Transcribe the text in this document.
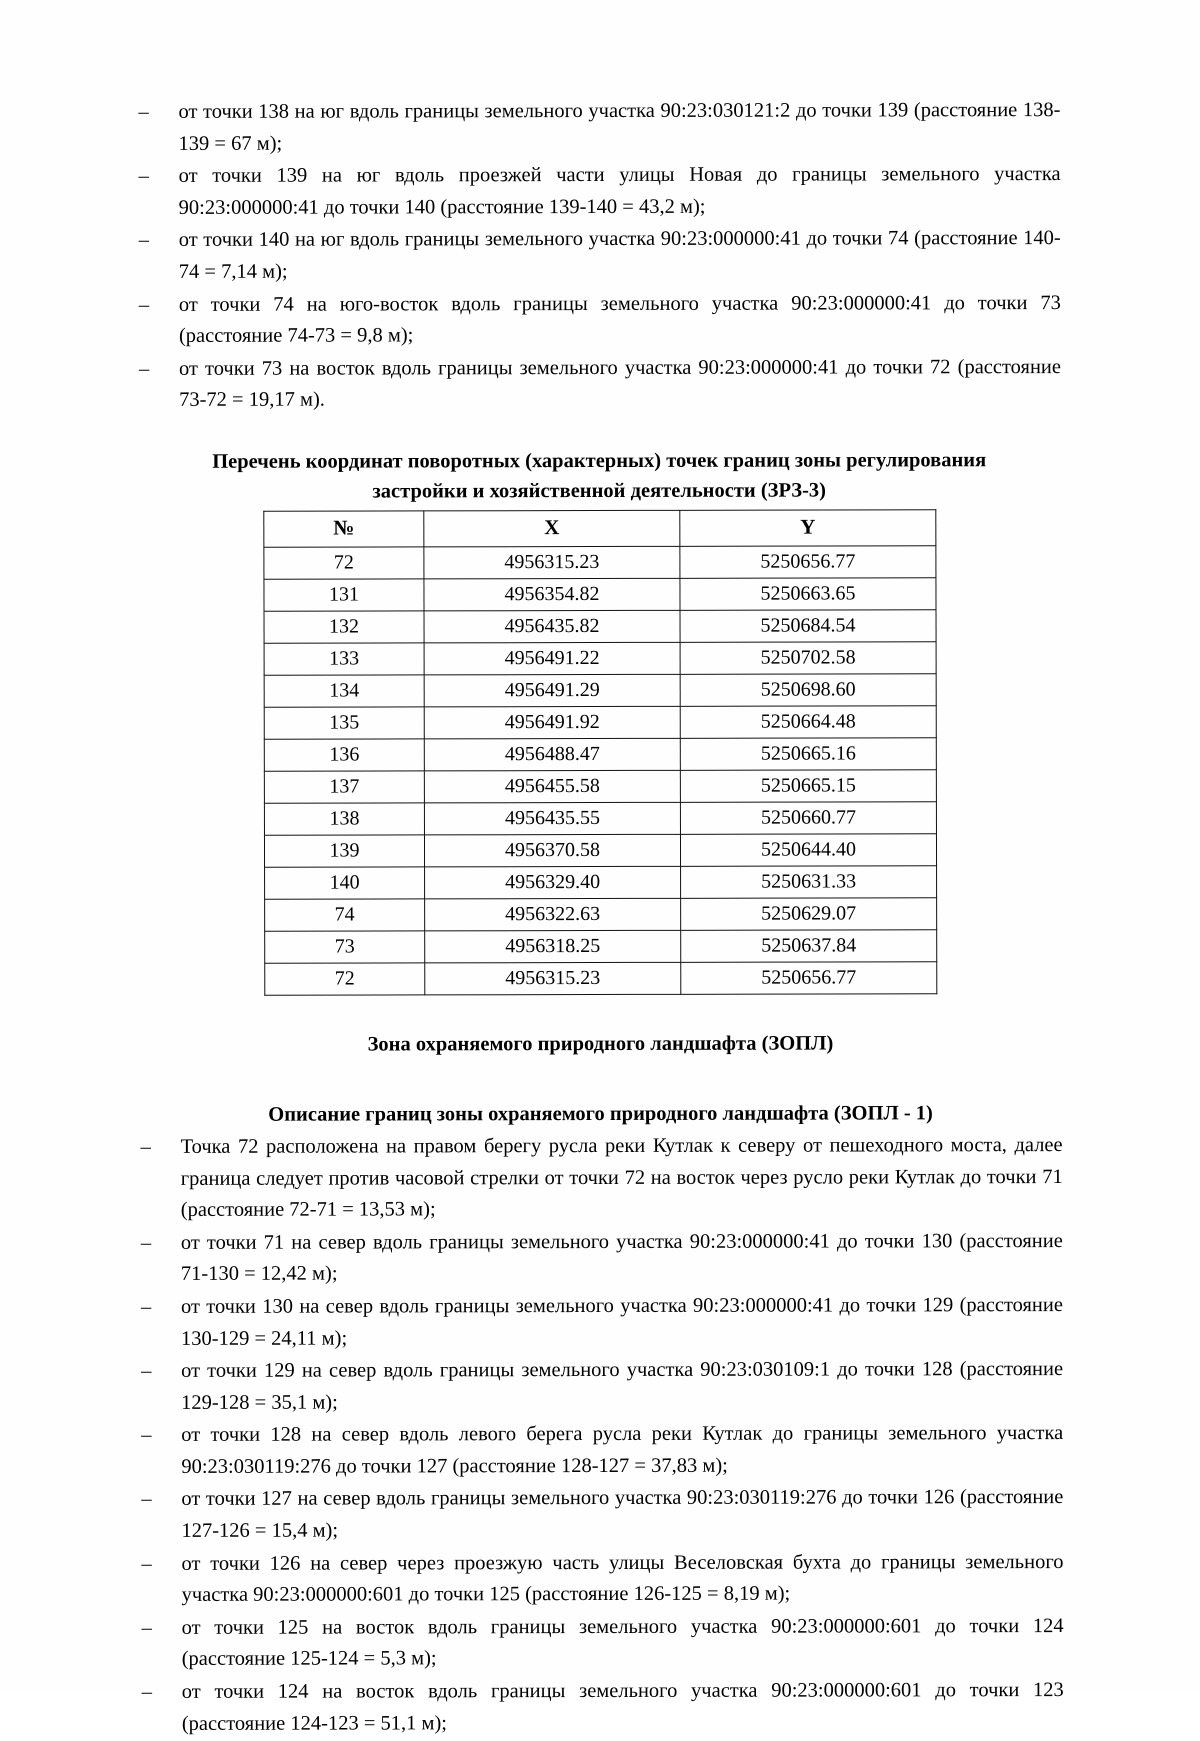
– от точки 138 на юг вдоль границы земельного участка 90:23:030121:2 до точки 139 (расстояние 138-139 = 67 м);
– от точки 139 на юг вдоль проезжей части улицы Новая до границы земельного участка 90:23:000000:41 до точки 140 (расстояние 139-140 = 43,2 м);
– от точки 140 на юг вдоль границы земельного участка 90:23:000000:41 до точки 74 (расстояние 140-74 = 7,14 м);
– от точки 74 на юго-восток вдоль границы земельного участка 90:23:000000:41 до точки 73 (расстояние 74-73 = 9,8 м);
– от точки 73 на восток вдоль границы земельного участка 90:23:000000:41 до точки 72 (расстояние 73-72 = 19,17 м).
Перечень координат поворотных (характерных) точек границ зоны регулирования
застройки и хозяйственной деятельности (ЗРЗ-3)
№	X	Y
72	4956315.23	5250656.77
131	4956354.82	5250663.65
132	4956435.82	5250684.54
133	4956491.22	5250702.58
134	4956491.29	5250698.60
135	4956491.92	5250664.48
136	4956488.47	5250665.16
137	4956455.58	5250665.15
138	4956435.55	5250660.77
139	4956370.58	5250644.40
140	4956329.40	5250631.33
74	4956322.63	5250629.07
73	4956318.25	5250637.84
72	4956315.23	5250656.77
Зона охраняемого природного ландшафта (ЗОПЛ)
Описание границ зоны охраняемого природного ландшафта (ЗОПЛ - 1)
– Точка 72 расположена на правом берегу русла реки Кутлак к северу от пешеходного моста, далее граница следует против часовой стрелки от точки 72 на восток через русло реки Кутлак до точки 71 (расстояние 72-71 = 13,53 м);
– от точки 71 на север вдоль границы земельного участка 90:23:000000:41 до точки 130 (расстояние 71-130 = 12,42 м);
– от точки 130 на север вдоль границы земельного участка 90:23:000000:41 до точки 129 (расстояние 130-129 = 24,11 м);
– от точки 129 на север вдоль границы земельного участка 90:23:030109:1 до точки 128 (расстояние 129-128 = 35,1 м);
– от точки 128 на север вдоль левого берега русла реки Кутлак до границы земельного участка 90:23:030119:276 до точки 127 (расстояние 128-127 = 37,83 м);
– от точки 127 на север вдоль границы земельного участка 90:23:030119:276 до точки 126 (расстояние 127-126 = 15,4 м);
– от точки 126 на север через проезжую часть улицы Веселовская бухта до границы земельного участка 90:23:000000:601 до точки 125 (расстояние 126-125 = 8,19 м);
– от точки 125 на восток вдоль границы земельного участка 90:23:000000:601 до точки 124 (расстояние 125-124 = 5,3 м);
– от точки 124 на восток вдоль границы земельного участка 90:23:000000:601 до точки 123 (расстояние 124-123 = 51,1 м);
